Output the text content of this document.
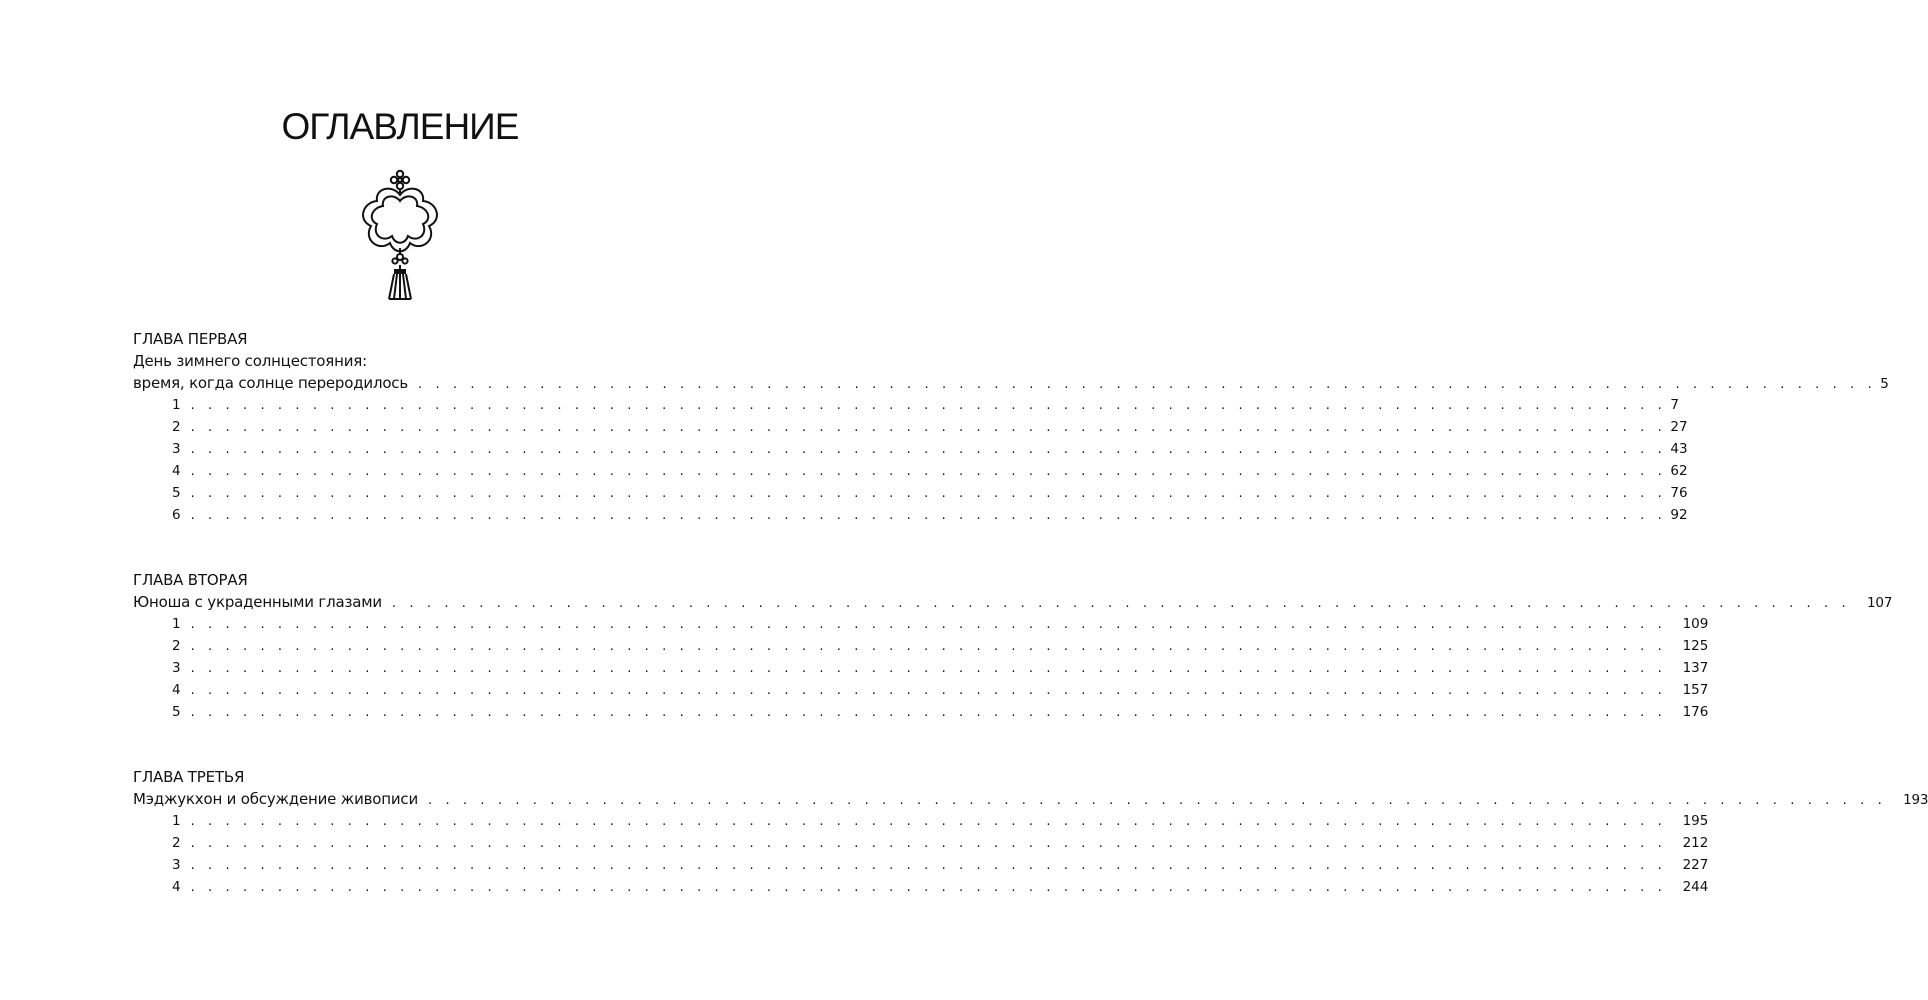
ОГЛАВЛЕНИЕ
ГЛАВА ПЕРВАЯ
День зимнего солнцестояния:
время, когда солнце переродилось . . . . . . . . . . . . . . . . . . . . . . . . . . . . . . . . . . . . . . . . . . . . . . . . . . . . . . . . . . . . . . . . . . . . . . . . . . . . . . . . . . . . 5
1 . . . . . . . . . . . . . . . . . . . . . . . . . . . . . . . . . . . . . . . . . . . . . . . . . . . . . . . . . . . . . . . . . . . . . . . . . . . . . . . . . . . . . 7
2 . . . . . . . . . . . . . . . . . . . . . . . . . . . . . . . . . . . . . . . . . . . . . . . . . . . . . . . . . . . . . . . . . . . . . . . . . . . . . . . . . . . . . 27
3 . . . . . . . . . . . . . . . . . . . . . . . . . . . . . . . . . . . . . . . . . . . . . . . . . . . . . . . . . . . . . . . . . . . . . . . . . . . . . . . . . . . . . 43
4 . . . . . . . . . . . . . . . . . . . . . . . . . . . . . . . . . . . . . . . . . . . . . . . . . . . . . . . . . . . . . . . . . . . . . . . . . . . . . . . . . . . . . 62
5 . . . . . . . . . . . . . . . . . . . . . . . . . . . . . . . . . . . . . . . . . . . . . . . . . . . . . . . . . . . . . . . . . . . . . . . . . . . . . . . . . . . . . 76
6 . . . . . . . . . . . . . . . . . . . . . . . . . . . . . . . . . . . . . . . . . . . . . . . . . . . . . . . . . . . . . . . . . . . . . . . . . . . . . . . . . . . . . 92
ГЛАВА ВТОРАЯ
Юноша с украденными глазами . . . . . . . . . . . . . . . . . . . . . . . . . . . . . . . . . . . . . . . . . . . . . . . . . . . . . . . . . . . . . . . . . . . . . . . . . . . . . . . . . . . .	107
1 . . . . . . . . . . . . . . . . . . . . . . . . . . . . . . . . . . . . . . . . . . . . . . . . . . . . . . . . . . . . . . . . . . . . . . . . . . . . . . . . . . . . .	109
2 . . . . . . . . . . . . . . . . . . . . . . . . . . . . . . . . . . . . . . . . . . . . . . . . . . . . . . . . . . . . . . . . . . . . . . . . . . . . . . . . . . . . .	125
3 . . . . . . . . . . . . . . . . . . . . . . . . . . . . . . . . . . . . . . . . . . . . . . . . . . . . . . . . . . . . . . . . . . . . . . . . . . . . . . . . . . . . .	137
4 . . . . . . . . . . . . . . . . . . . . . . . . . . . . . . . . . . . . . . . . . . . . . . . . . . . . . . . . . . . . . . . . . . . . . . . . . . . . . . . . . . . . .	157
5 . . . . . . . . . . . . . . . . . . . . . . . . . . . . . . . . . . . . . . . . . . . . . . . . . . . . . . . . . . . . . . . . . . . . . . . . . . . . . . . . . . . . .	176
ГЛАВА ТРЕТЬЯ
Мэджукхон и обсуждение живописи . . . . . . . . . . . . . . . . . . . . . . . . . . . . . . . . . . . . . . . . . . . . . . . . . . . . . . . . . . . . . . . . . . . . . . . . . . . . . . . . . . . .	193
1 . . . . . . . . . . . . . . . . . . . . . . . . . . . . . . . . . . . . . . . . . . . . . . . . . . . . . . . . . . . . . . . . . . . . . . . . . . . . . . . . . . . . .	195
2 . . . . . . . . . . . . . . . . . . . . . . . . . . . . . . . . . . . . . . . . . . . . . . . . . . . . . . . . . . . . . . . . . . . . . . . . . . . . . . . . . . . . .	212
3 . . . . . . . . . . . . . . . . . . . . . . . . . . . . . . . . . . . . . . . . . . . . . . . . . . . . . . . . . . . . . . . . . . . . . . . . . . . . . . . . . . . . .	227
4 . . . . . . . . . . . . . . . . . . . . . . . . . . . . . . . . . . . . . . . . . . . . . . . . . . . . . . . . . . . . . . . . . . . . . . . . . . . . . . . . . . . . .	244
